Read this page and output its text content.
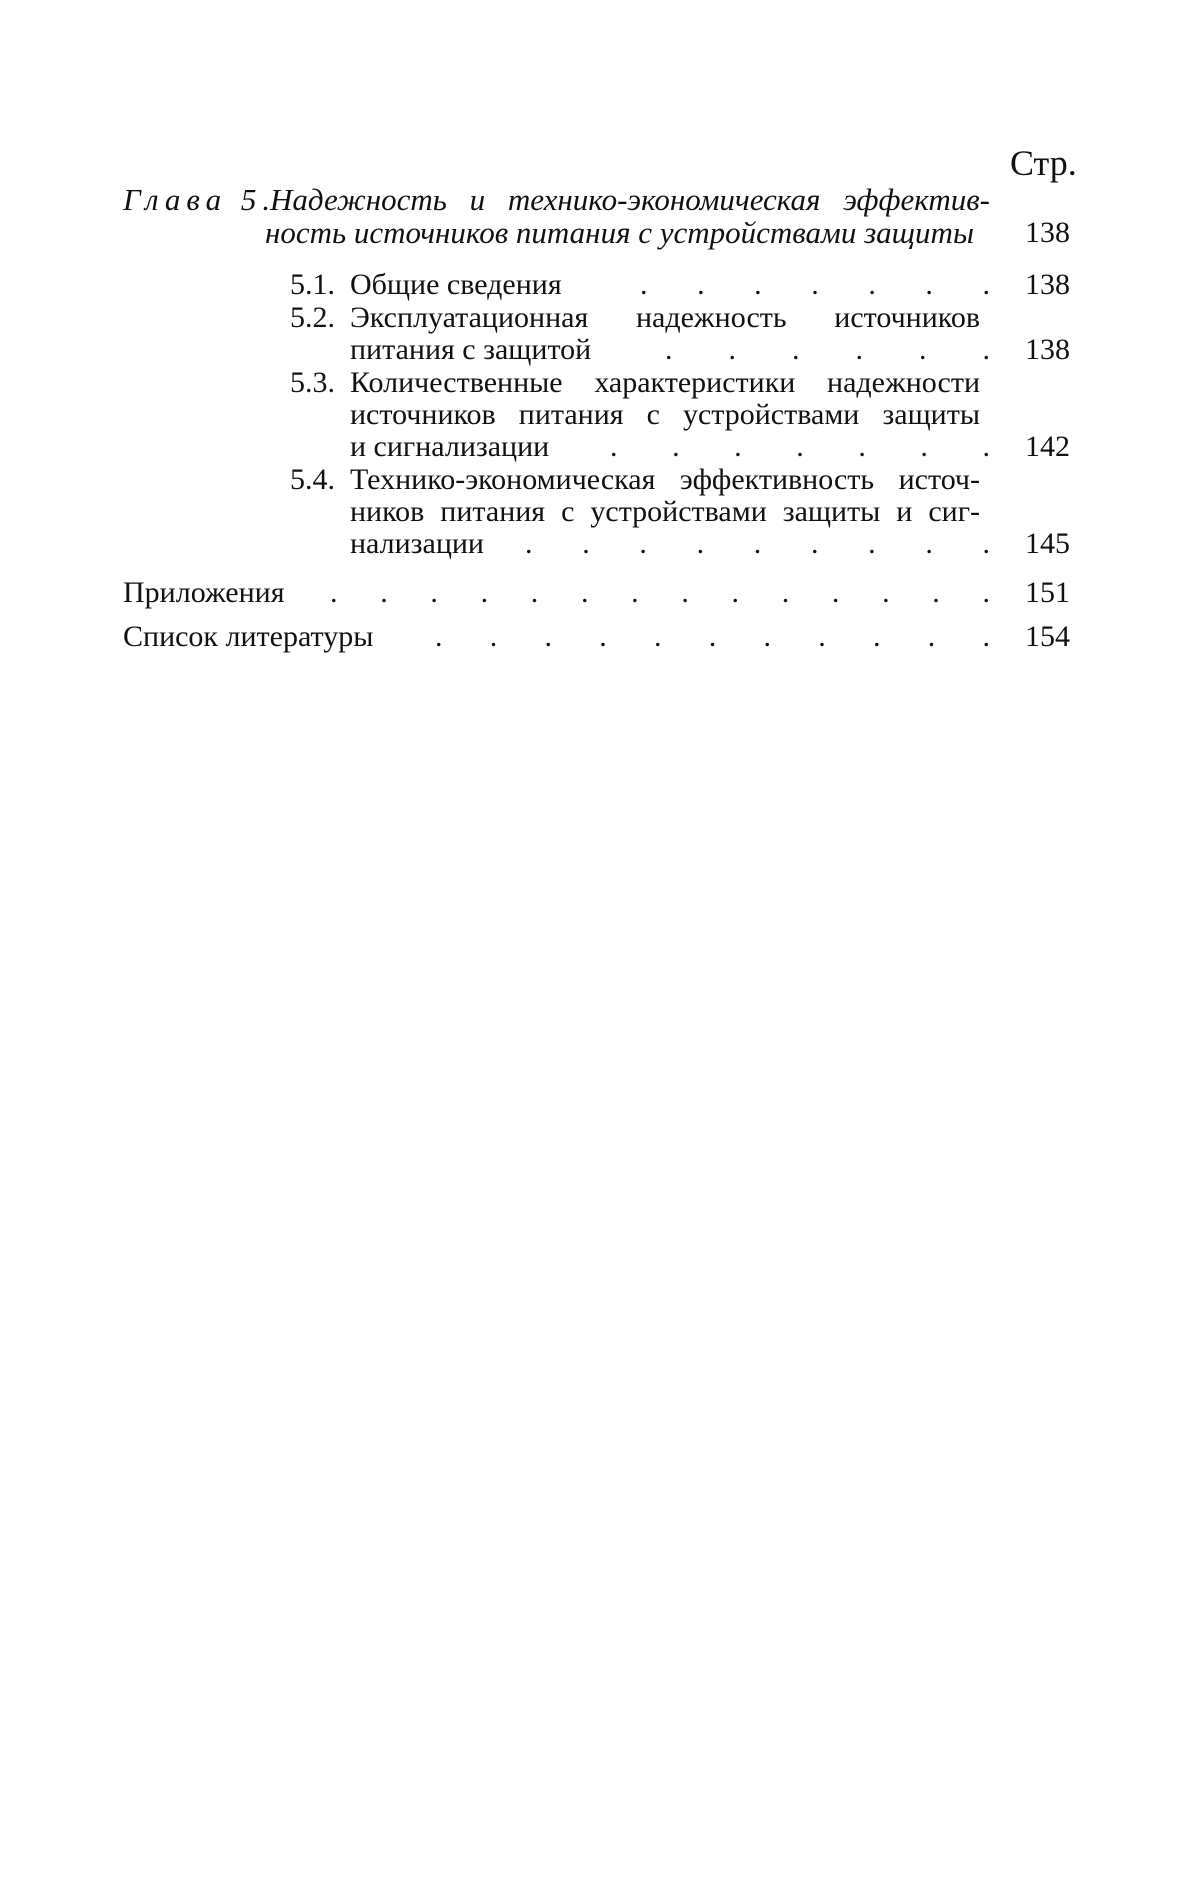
Стр.
Глава 5.
Надежность и технико-экономическая эффектив-
ность источников питания с устройствами защиты	138
5.1. Общие сведения	. . . . . . . 138
5.2. Эксплуатационная надежность источников
питания с защитой	. . . . . . 138
5.3. Количественные характеристики надежности
источников питания с устройствами защиты
и сигнализации	. . . . . . . 142
5.4. Технико-экономическая эффективность источ-
ников питания с устройствами защиты и сиг-
нализации	. . . . . . . . . 145
Приложения . . . . . . . . . . . . . . 151
Список литературы . . . . . . . . . . . 154
